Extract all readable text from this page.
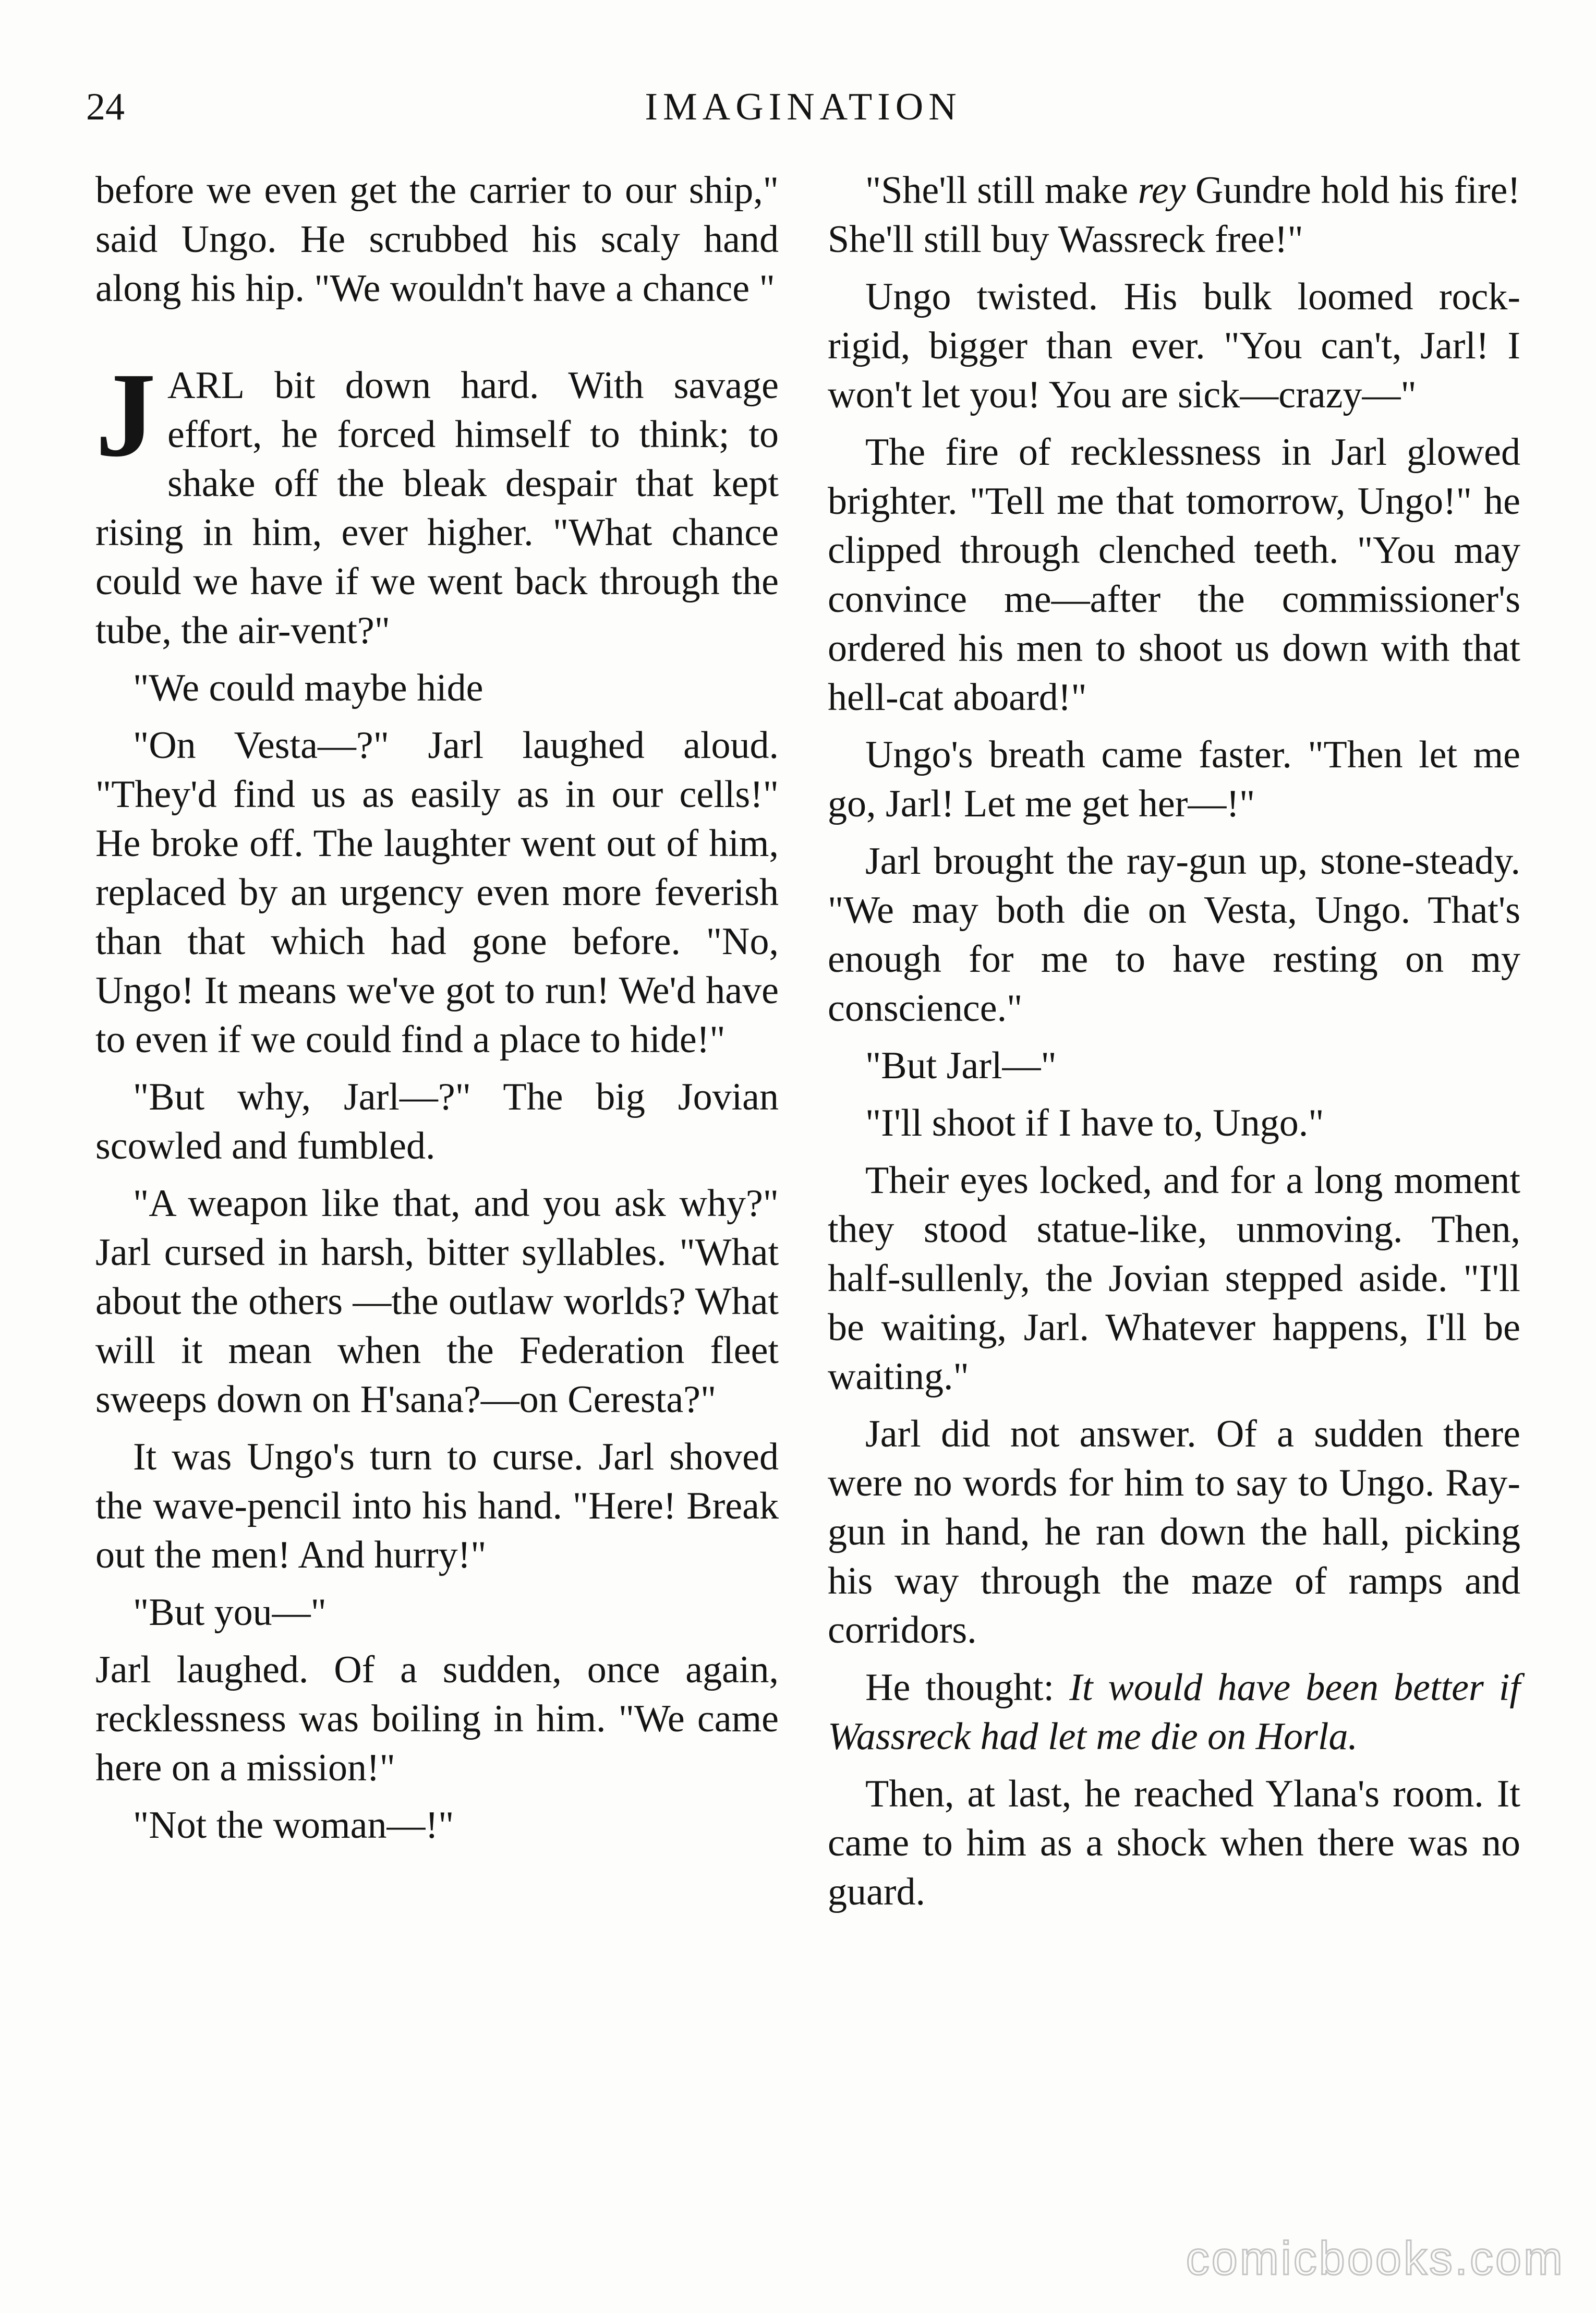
24	IMAGINATION

before we even get the carrier to our ship," said Ungo. He scrubbed his scaly hand along his hip. "We wouldn't have a chance "

JARL bit down hard. With savage effort, he forced himself to think; to shake off the bleak despair that kept rising in him, ever higher. "What chance could we have if we went back through the tube, the air-vent?"

"We could maybe hide

"On Vesta—?" Jarl laughed aloud. "They'd find us as easily as in our cells!" He broke off. The laughter went out of him, replaced by an urgency even more feverish than that which had gone before. "No, Ungo! It means we've got to run! We'd have to even if we could find a place to hide!"

"But why, Jarl—?" The big Jovian scowled and fumbled.

"A weapon like that, and you ask why?" Jarl cursed in harsh, bitter syllables. "What about the others —the outlaw worlds? What will it mean when the Federation fleet sweeps down on H'sana?—on Ceresta?"

It was Ungo's turn to curse. Jarl shoved the wave-pencil into his hand. "Here! Break out the men! And hurry!"

"But you—"

Jarl laughed. Of a sudden, once again, recklessness was boiling in him. "We came here on a mission!"

"Not the woman—!"

"She'll still make rey Gundre hold his fire! She'll still buy Wassreck free!"

Ungo twisted. His bulk loomed rock-rigid, bigger than ever. "You can't, Jarl! I won't let you! You are sick—crazy—"

The fire of recklessness in Jarl glowed brighter. "Tell me that tomorrow, Ungo!" he clipped through clenched teeth. "You may convince me—after the commissioner's ordered his men to shoot us down with that hell-cat aboard!"

Ungo's breath came faster. "Then let me go, Jarl! Let me get her—!"

Jarl brought the ray-gun up, stone-steady. "We may both die on Vesta, Ungo. That's enough for me to have resting on my conscience."

"But Jarl—"

"I'll shoot if I have to, Ungo."

Their eyes locked, and for a long moment they stood statue-like, unmoving. Then, half-sullenly, the Jovian stepped aside. "I'll be waiting, Jarl. Whatever happens, I'll be waiting."

Jarl did not answer. Of a sudden there were no words for him to say to Ungo. Ray-gun in hand, he ran down the hall, picking his way through the maze of ramps and corridors.

He thought: It would have been better if Wassreck had let me die on Horla.

Then, at last, he reached Ylana's room. It came to him as a shock when there was no guard.

comicbooks.com
